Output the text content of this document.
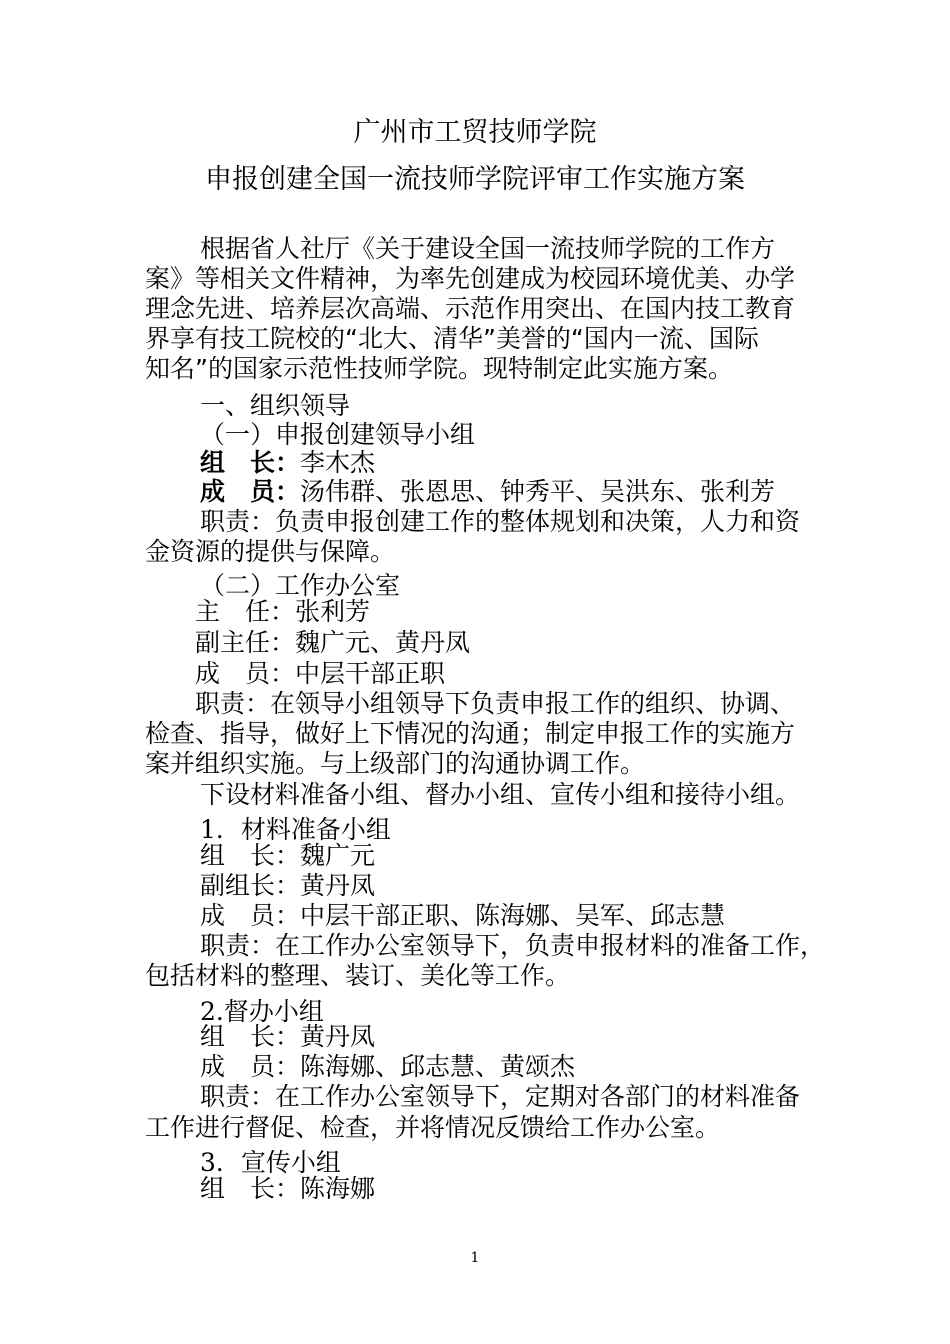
广州市工贸技师学院
申报创建全国一流技师学院评审工作实施方案
根据省人社厅《关于建设全国一流技师学院的工作方
案》等相关文件精神，为率先创建成为校园环境优美、办学
理念先进、培养层次高端、示范作用突出、在国内技工教育
界享有技工院校的“北大、清华”美誉的“国内一流、国际
知名”的国家示范性技师学院。现特制定此实施方案。
一、组织领导
（一）申报创建领导小组
组　长：李木杰
成　员：汤伟群、张恩思、钟秀平、吴洪东、张利芳
职责：负责申报创建工作的整体规划和决策，人力和资
金资源的提供与保障。
（二）工作办公室
主　任：张利芳
副主任：魏广元、黄丹凤
成　员：中层干部正职
职责：在领导小组领导下负责申报工作的组织、协调、
检查、指导，做好上下情况的沟通；制定申报工作的实施方
案并组织实施。与上级部门的沟通协调工作。
下设材料准备小组、督办小组、宣传小组和接待小组。
1．材料准备小组
组　长：魏广元
副组长：黄丹凤
成　员：中层干部正职、陈海娜、吴军、邱志慧
职责：在工作办公室领导下，负责申报材料的准备工作，
包括材料的整理、装订、美化等工作。
2.督办小组
组　长：黄丹凤
成　员：陈海娜、邱志慧、黄颂杰
职责：在工作办公室领导下，定期对各部门的材料准备
工作进行督促、检查，并将情况反馈给工作办公室。
3．宣传小组
组　长：陈海娜
1
